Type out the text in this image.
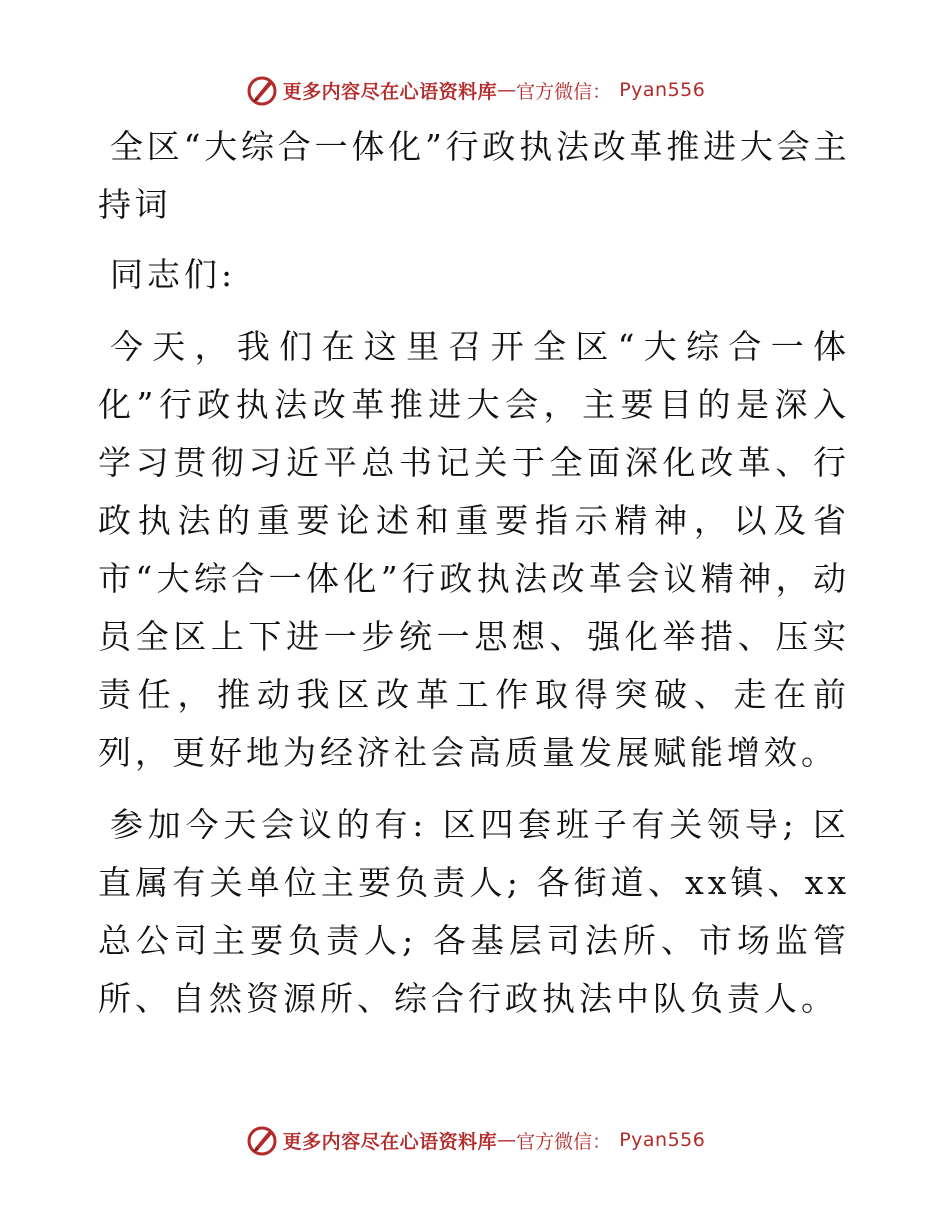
更多内容尽在心语资料库 — 官方微信： Pyan556

全区“大综合一体化”行政执法改革推进大会主持词

同志们:

今天，我们在这里召开全区“大综合一体化”行政执法改革推进大会，主要目的是深入学习贯彻习近平总书记关于全面深化改革、行政执法的重要论述和重要指示精神，以及省市“大综合一体化”行政执法改革会议精神，动员全区上下进一步统一思想、强化举措、压实责任，推动我区改革工作取得突破、走在前列，更好地为经济社会高质量发展赋能增效。

参加今天会议的有: 区四套班子有关领导; 区直属有关单位主要负责人; 各街道、xx镇、xx总公司主要负责人; 各基层司法所、市场监管所、自然资源所、综合行政执法中队负责人。

更多内容尽在心语资料库 — 官方微信： Pyan556
